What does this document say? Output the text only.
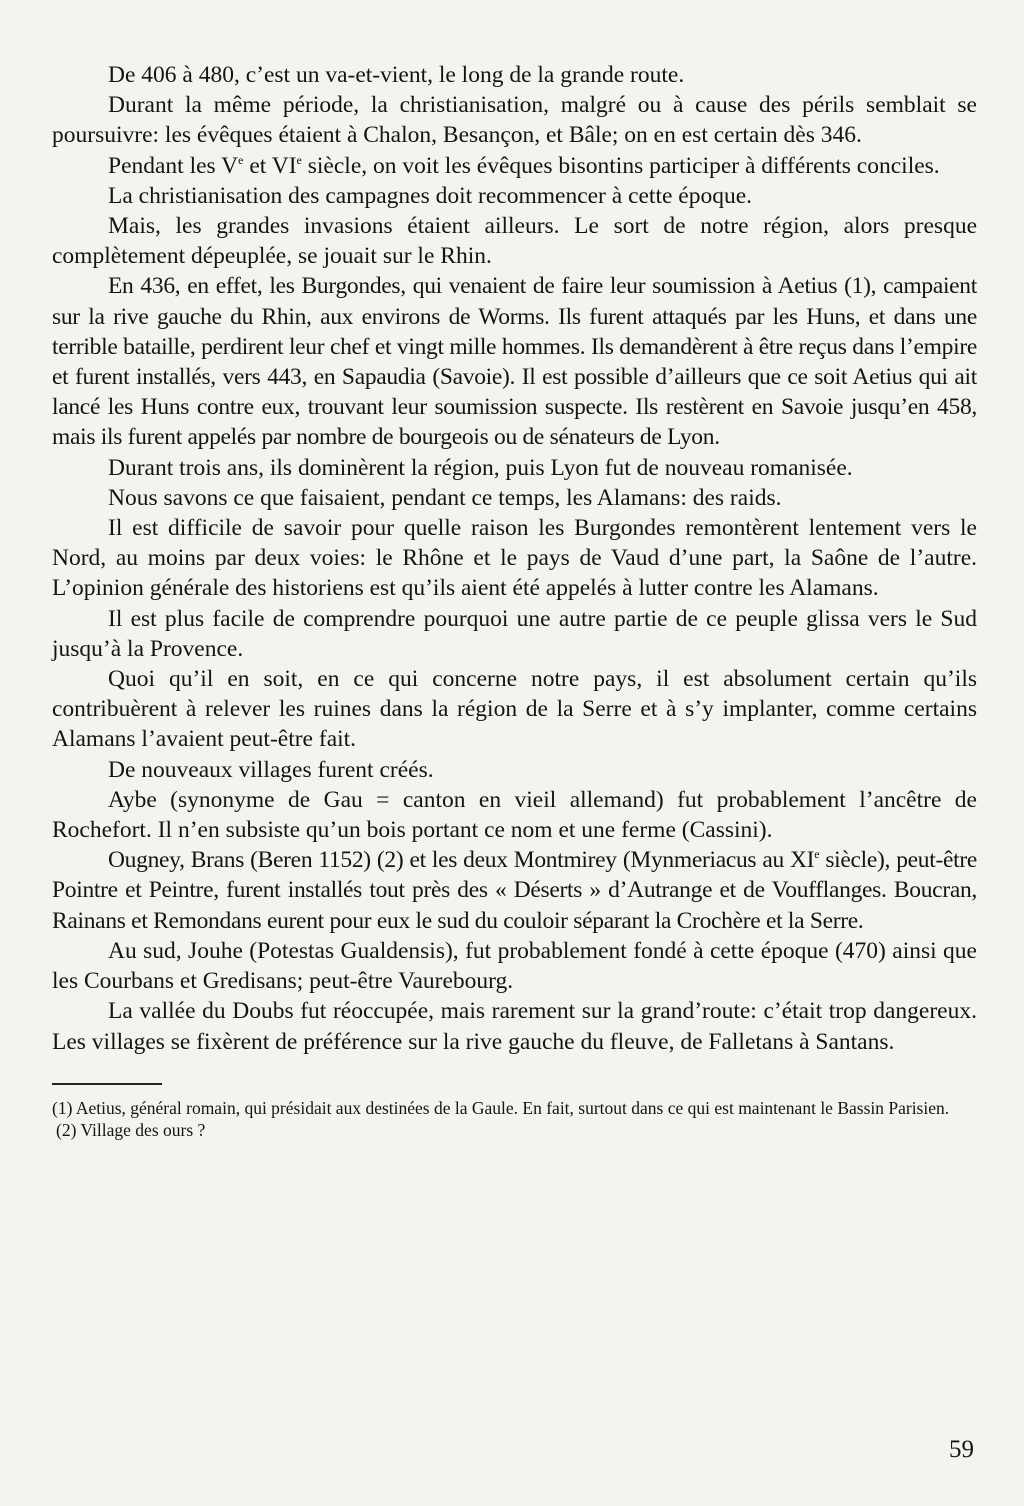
De 406 à 480, c’est un va-et-vient, le long de la grande route.

Durant la même période, la christianisation, malgré ou à cause des périls semblait se poursuivre: les évêques étaient à Chalon, Besançon, et Bâle; on en est certain dès 346.

Pendant les Ve et VIe siècle, on voit les évêques bisontins participer à différents conciles.

La christianisation des campagnes doit recommencer à cette époque.

Mais, les grandes invasions étaient ailleurs. Le sort de notre région, alors presque complètement dépeuplée, se jouait sur le Rhin.

En 436, en effet, les Burgondes, qui venaient de faire leur soumission à Aetius (1), campaient sur la rive gauche du Rhin, aux environs de Worms. Ils furent attaqués par les Huns, et dans une terrible bataille, perdirent leur chef et vingt mille hommes. Ils demandèrent à être reçus dans l’empire et furent installés, vers 443, en Sapaudia (Savoie). Il est possible d’ailleurs que ce soit Aetius qui ait lancé les Huns contre eux, trouvant leur soumission suspecte. Ils restèrent en Savoie jusqu’en 458, mais ils furent appelés par nombre de bourgeois ou de sénateurs de Lyon.

Durant trois ans, ils dominèrent la région, puis Lyon fut de nouveau romanisée.

Nous savons ce que faisaient, pendant ce temps, les Alamans: des raids.

Il est difficile de savoir pour quelle raison les Burgondes remontèrent lentement vers le Nord, au moins par deux voies: le Rhône et le pays de Vaud d’une part, la Saône de l’autre. L’opinion générale des historiens est qu’ils aient été appelés à lutter contre les Alamans.

Il est plus facile de comprendre pourquoi une autre partie de ce peuple glissa vers le Sud jusqu’à la Provence.

Quoi qu’il en soit, en ce qui concerne notre pays, il est absolument certain qu’ils contribuèrent à relever les ruines dans la région de la Serre et à s’y implanter, comme certains Alamans l’avaient peut-être fait.

De nouveaux villages furent créés.

Aybe (synonyme de Gau = canton en vieil allemand) fut probablement l’ancêtre de Rochefort. Il n’en subsiste qu’un bois portant ce nom et une ferme (Cassini).

Ougney, Brans (Beren 1152) (2) et les deux Montmirey (Mynmeriacus au XIe siècle), peut-être Pointre et Peintre, furent installés tout près des « Déserts » d’Autrange et de Voufflanges. Boucran, Rainans et Remondans eurent pour eux le sud du couloir séparant la Crochère et la Serre.

Au sud, Jouhe (Potestas Gualdensis), fut probablement fondé à cette époque (470) ainsi que les Courbans et Gredisans; peut-être Vaurebourg.

La vallée du Doubs fut réoccupée, mais rarement sur la grand’route: c’était trop dangereux. Les villages se fixèrent de préférence sur la rive gauche du fleuve, de Falletans à Santans.

(1) Aetius, général romain, qui présidait aux destinées de la Gaule. En fait, surtout dans ce qui est maintenant le Bassin Parisien.

(2) Village des ours ?

59
